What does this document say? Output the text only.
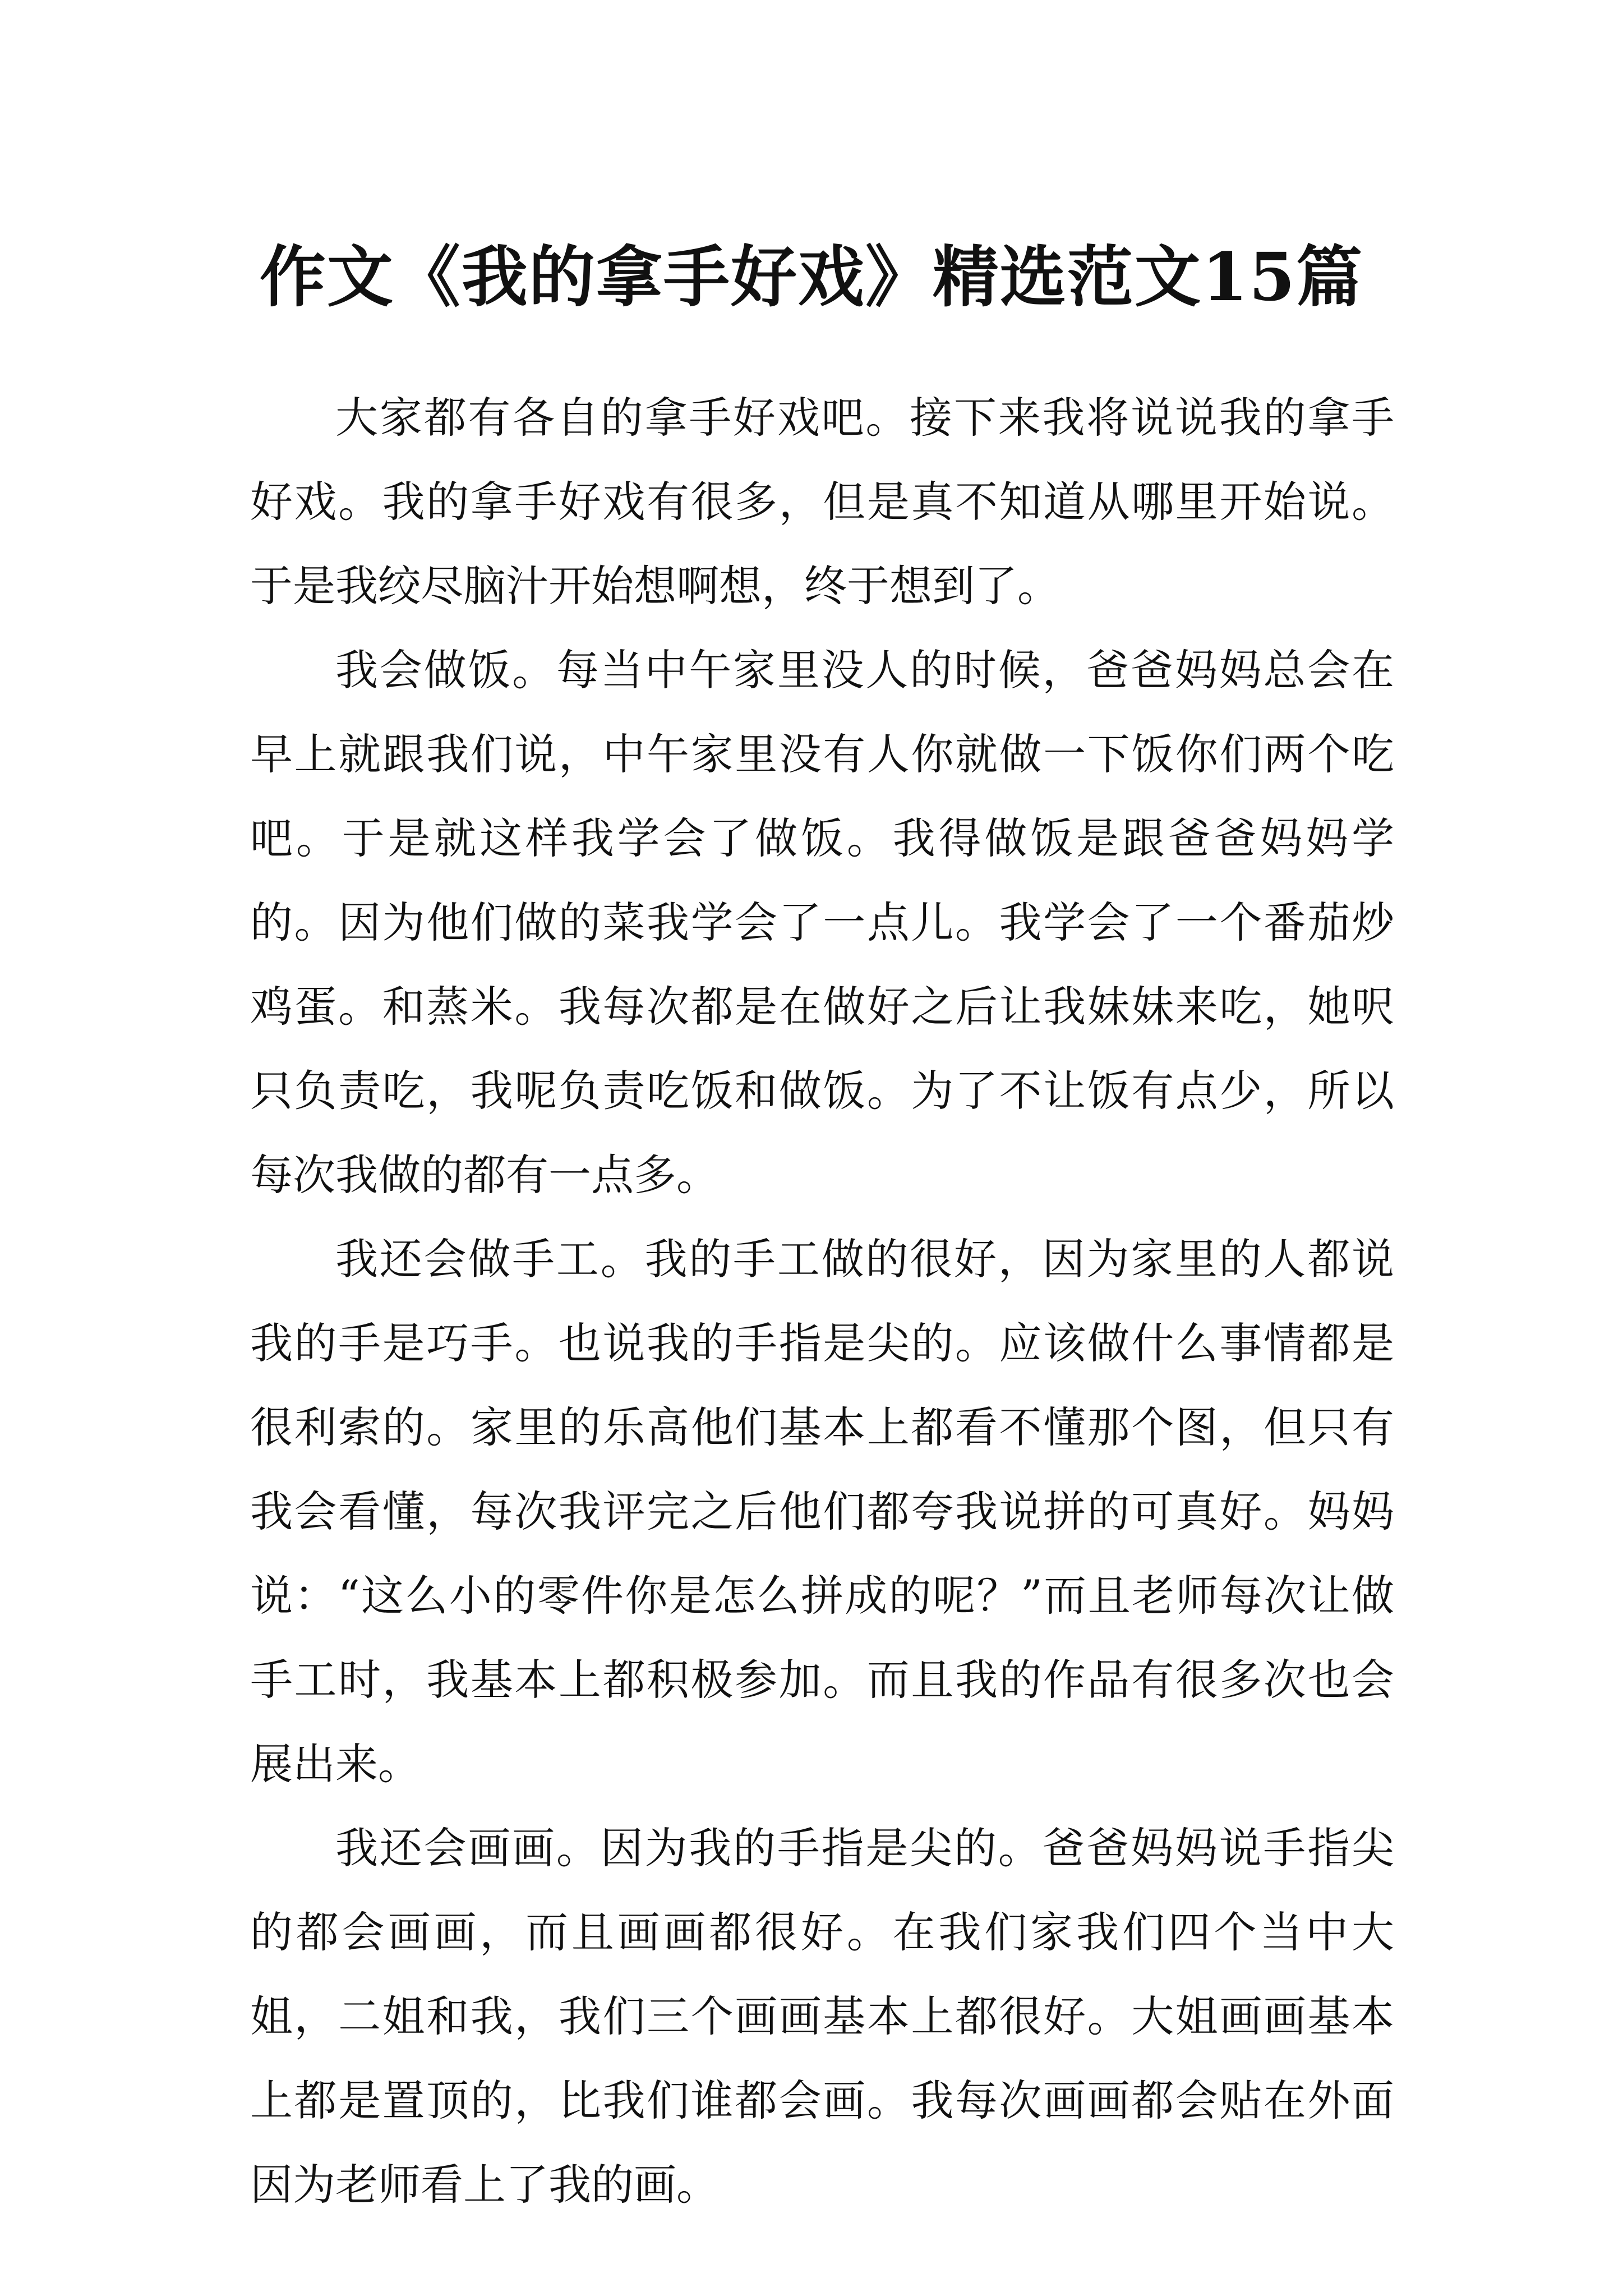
作文《我的拿手好戏》精选范文15篇

大家都有各自的拿手好戏吧。接下来我将说说我的拿手好戏。我的拿手好戏有很多，但是真不知道从哪里开始说。于是我绞尽脑汁开始想啊想，终于想到了。

我会做饭。每当中午家里没人的时候，爸爸妈妈总会在早上就跟我们说，中午家里没有人你就做一下饭你们两个吃吧。于是就这样我学会了做饭。我得做饭是跟爸爸妈妈学的。因为他们做的菜我学会了一点儿。我学会了一个番茄炒鸡蛋。和蒸米。我每次都是在做好之后让我妹妹来吃，她呎只负责吃，我呢负责吃饭和做饭。为了不让饭有点少，所以每次我做的都有一点多。

我还会做手工。我的手工做的很好，因为家里的人都说我的手是巧手。也说我的手指是尖的。应该做什么事情都是很利索的。家里的乐高他们基本上都看不懂那个图，但只有我会看懂，每次我评完之后他们都夸我说拼的可真好。妈妈说：“这么小的零件你是怎么拼成的呢？”而且老师每次让做手工时，我基本上都积极参加。而且我的作品有很多次也会展出来。

我还会画画。因为我的手指是尖的。爸爸妈妈说手指尖的都会画画，而且画画都很好。在我们家我们四个当中大姐，二姐和我，我们三个画画基本上都很好。大姐画画基本上都是置顶的，比我们谁都会画。我每次画画都会贴在外面因为老师看上了我的画。
